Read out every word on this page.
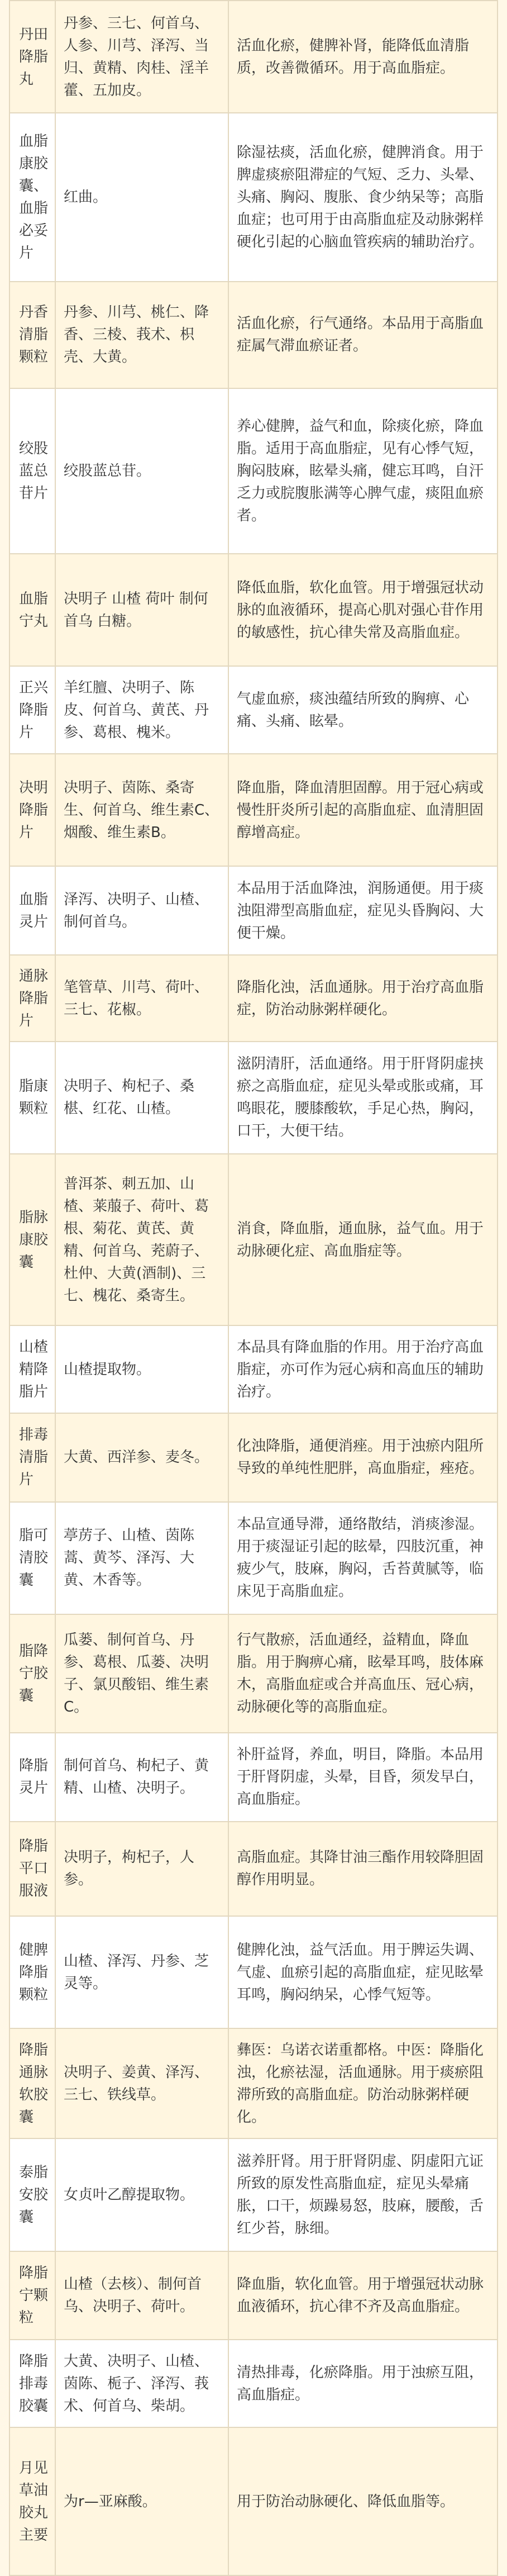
丹田降脂丸	丹参、三七、何首乌、人参、川芎、泽泻、当归、黄精、肉桂、淫羊藿、五加皮。	活血化瘀，健脾补肾，能降低血清脂质，改善微循环。用于高血脂症。
血脂康胶囊、血脂必妥片	红曲。	除湿祛痰，活血化瘀，健脾消食。用于脾虚痰瘀阻滞症的气短、乏力、头晕、头痛、胸闷、腹胀、食少纳呆等；高脂血症；也可用于由高脂血症及动脉粥样硬化引起的心脑血管疾病的辅助治疗。
丹香清脂颗粒	丹参、川芎、桃仁、降香、三棱、莪术、枳壳、大黄。	活血化瘀，行气通络。本品用于高脂血症属气滞血瘀证者。
绞股蓝总苷片	绞股蓝总苷。	养心健脾，益气和血，除痰化瘀，降血脂。适用于高血脂症，见有心悸气短，胸闷肢麻，眩晕头痛，健忘耳鸣，自汗乏力或脘腹胀满等心脾气虚，痰阻血瘀者。
血脂宁丸	决明子 山楂 荷叶 制何首乌 白糖。	降低血脂，软化血管。用于增强冠状动脉的血液循环，提高心肌对强心苷作用的敏感性，抗心律失常及高脂血症。
正兴降脂片	羊红膻、决明子、陈皮、何首乌、黄芪、丹参、葛根、槐米。	气虚血瘀，痰浊蕴结所致的胸痹、心痛、头痛、眩晕。
决明降脂片	决明子、茵陈、桑寄生、何首乌、维生素C、烟酸、维生素B。	降血脂，降血清胆固醇。用于冠心病或慢性肝炎所引起的高脂血症、血清胆固醇增高症。
血脂灵片	泽泻、决明子、山楂、制何首乌。	本品用于活血降浊，润肠通便。用于痰浊阻滞型高脂血症，症见头昏胸闷、大便干燥。
通脉降脂片	笔管草、川芎、荷叶、三七、花椒。	降脂化浊，活血通脉。用于治疗高血脂症，防治动脉粥样硬化。
脂康颗粒	决明子、枸杞子、桑椹、红花、山楂。	滋阴清肝，活血通络。用于肝肾阴虚挟瘀之高脂血症，症见头晕或胀或痛，耳鸣眼花，腰膝酸软，手足心热，胸闷，口干，大便干结。
脂脉康胶囊	普洱茶、刺五加、山楂、莱菔子、荷叶、葛根、菊花、黄芪、黄精、何首乌、茺蔚子、杜仲、大黄(酒制)、三七、槐花、桑寄生。	消食，降血脂，通血脉，益气血。用于动脉硬化症、高血脂症等。
山楂精降脂片	山楂提取物。	本品具有降血脂的作用。用于治疗高血脂症，亦可作为冠心病和高血压的辅助治疗。
排毒清脂片	大黄、西洋参、麦冬。	化浊降脂，通便消痤。用于浊瘀内阻所导致的单纯性肥胖，高血脂症，痤疮。
脂可清胶囊	葶苈子、山楂、茵陈蒿、黄芩、泽泻、大黄、木香等。	本品宣通导滞，通络散结，消痰渗湿。用于痰湿证引起的眩晕，四肢沉重，神疲少气，肢麻，胸闷，舌苔黄腻等，临床见于高脂血症。
脂降宁胶囊	瓜蒌、制何首乌、丹参、葛根、瓜蒌、决明子、氯贝酸铝、维生素C。	行气散瘀，活血通经，益精血，降血脂。用于胸痹心痛，眩晕耳鸣，肢体麻木，高脂血症或合并高血压、冠心病，动脉硬化等的高脂血症。
降脂灵片	制何首乌、枸杞子、黄精、山楂、决明子。	补肝益肾，养血，明目，降脂。本品用于肝肾阴虚，头晕，目昏，须发早白，高血脂症。
降脂平口服液	决明子，枸杞子，人参。	高脂血症。其降甘油三酯作用较降胆固醇作用明显。
健脾降脂颗粒	山楂、泽泻、丹参、芝灵等。	健脾化浊，益气活血。用于脾运失调、气虚、血瘀引起的高脂血症，症见眩晕耳鸣，胸闷纳呆，心悸气短等。
降脂通脉软胶囊	决明子、姜黄、泽泻、三七、铁线草。	彝医：乌诺衣诺重都格。中医：降脂化浊，化瘀祛湿，活血通脉。用于痰瘀阻滞所致的高脂血症。防治动脉粥样硬化。
泰脂安胶囊	女贞叶乙醇提取物。	滋养肝肾。用于肝肾阴虚、阴虚阳亢证所致的原发性高脂血症，症见头晕痛胀，口干，烦躁易怒，肢麻，腰酸，舌红少苔，脉细。
降脂宁颗粒	山楂（去核）、制何首乌、决明子、荷叶。	降血脂，软化血管。用于增强冠状动脉血液循环，抗心律不齐及高血脂症。
降脂排毒胶囊	大黄、决明子、山楂、茵陈、栀子、泽泻、莪术、何首乌、柴胡。	清热排毒，化瘀降脂。用于浊瘀互阻，高血脂症。
月见草油胶丸主要	为r—亚麻酸。	用于防治动脉硬化、降低血脂等。
